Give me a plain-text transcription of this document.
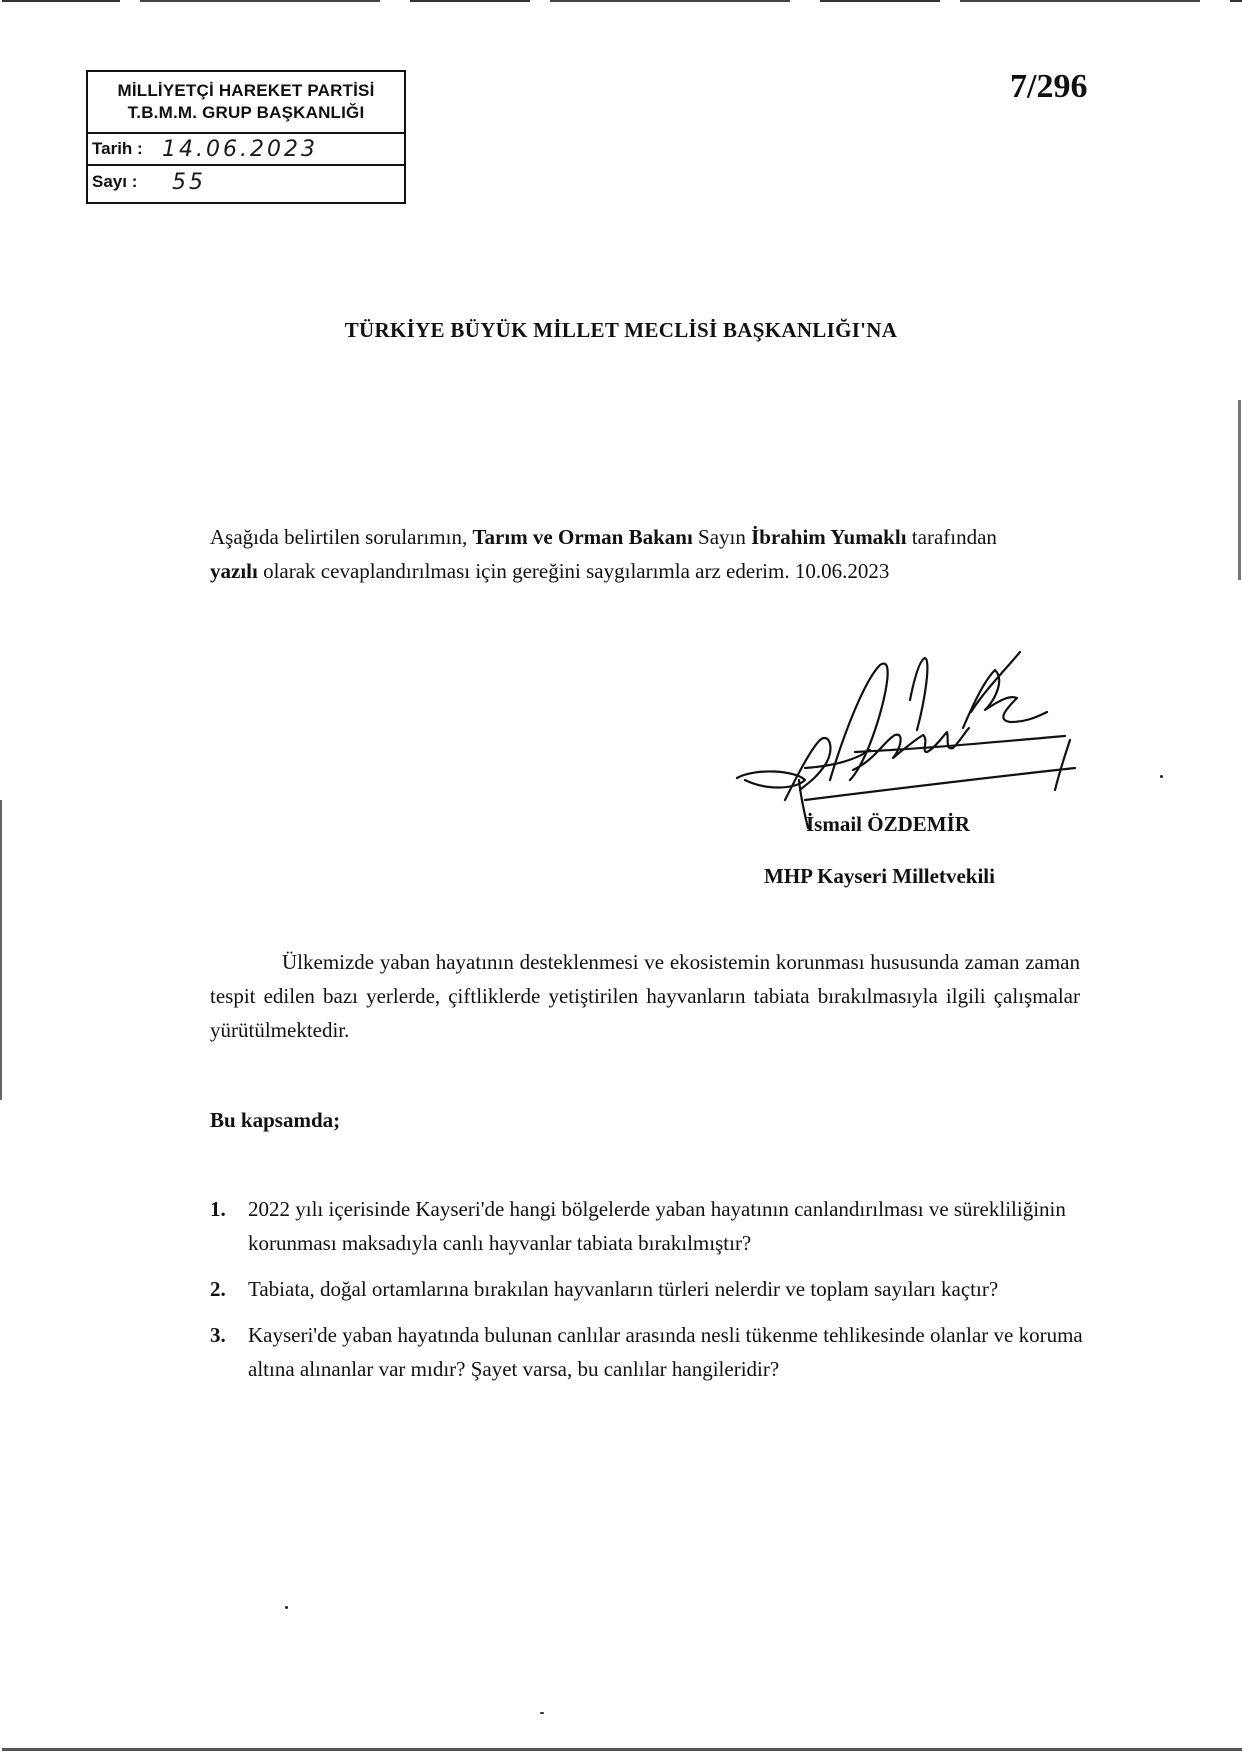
MİLLİYETÇİ HAREKET PARTİSİ
T.B.M.M. GRUP BAŞKANLIĞI
Tarih : 14.06.2023
Sayı :	55
7/296
TÜRKİYE BÜYÜK MİLLET MECLİSİ BAŞKANLIĞI'NA
Aşağıda belirtilen sorularımın, Tarım ve Orman Bakanı Sayın İbrahim Yumaklı tarafından
yazılı olarak cevaplandırılması için gereğini saygılarımla arz ederim. 10.06.2023
İsmail ÖZDEMİR
MHP Kayseri Milletvekili
Ülkemizde yaban hayatının desteklenmesi ve ekosistemin korunması hususunda zaman zaman tespit edilen bazı yerlerde, çiftliklerde yetiştirilen hayvanların tabiata bırakılmasıyla ilgili çalışmalar yürütülmektedir.
Bu kapsamda;
1.	2022 yılı içerisinde Kayseri'de hangi bölgelerde yaban hayatının canlandırılması ve sürekliliğinin korunması maksadıyla canlı hayvanlar tabiata bırakılmıştır?
2.	Tabiata, doğal ortamlarına bırakılan hayvanların türleri nelerdir ve toplam sayıları kaçtır?
3.	Kayseri'de yaban hayatında bulunan canlılar arasında nesli tükenme tehlikesinde olanlar ve koruma altına alınanlar var mıdır? Şayet varsa, bu canlılar hangileridir?
